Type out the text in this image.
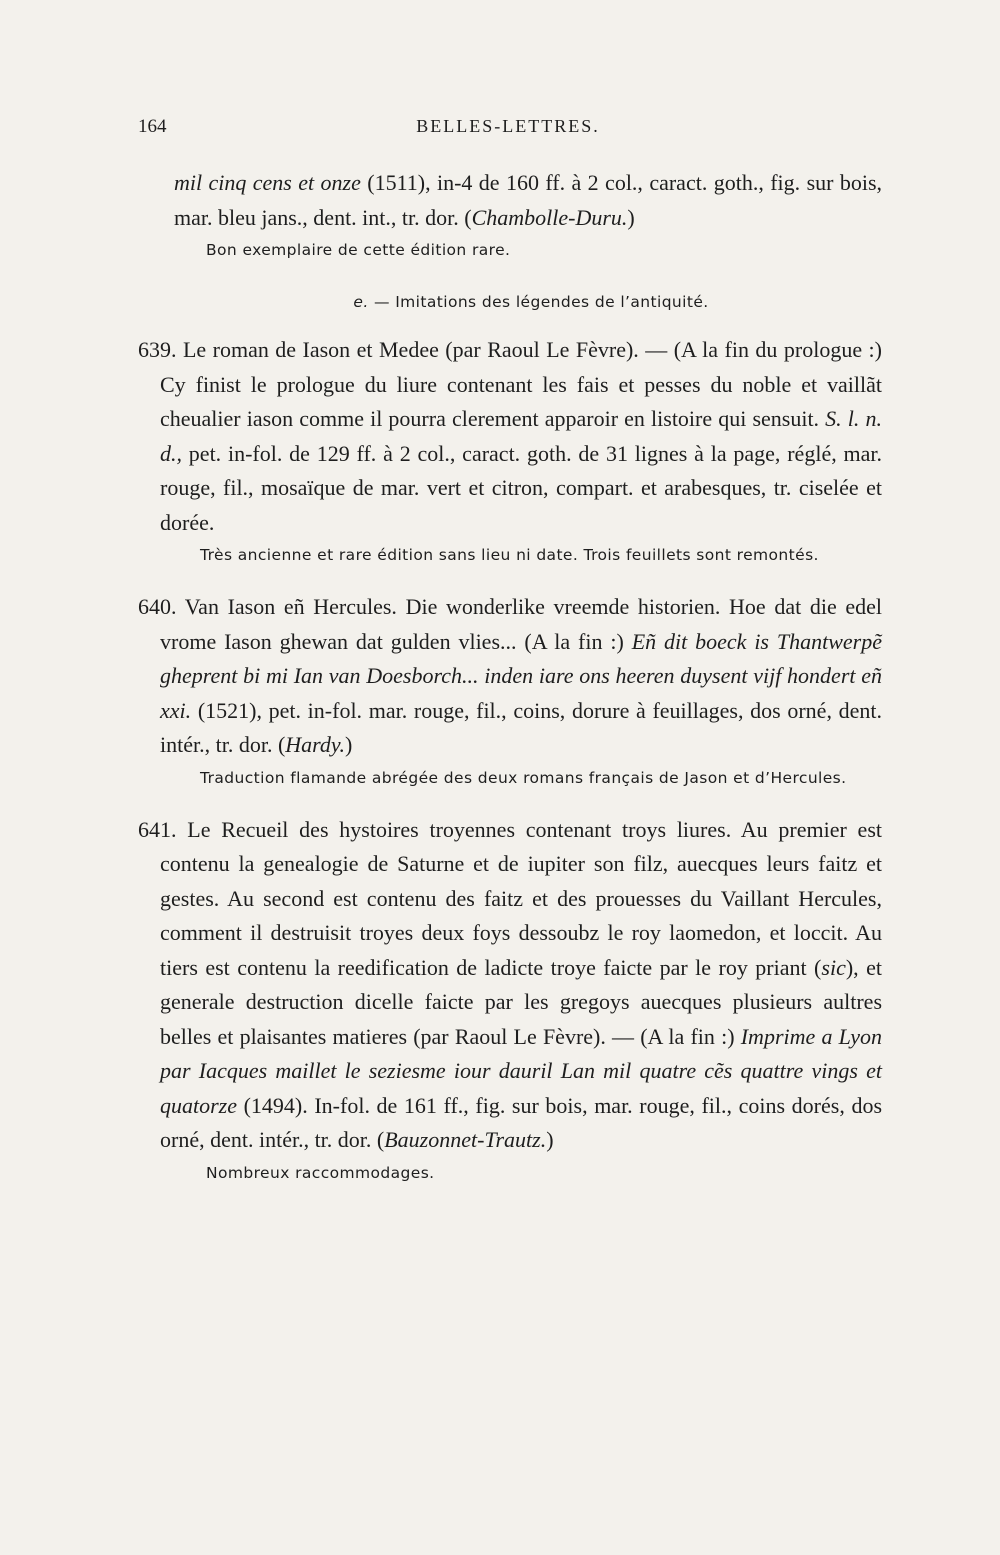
164	BELLES-LETTRES.

mil cinq cens et onze (1511), in-4 de 160 ff. à 2 col., caract. goth., fig. sur bois, mar. bleu jans., dent. int., tr. dor. (Chambolle-Duru.)

Bon exemplaire de cette édition rare.

e. — Imitations des légendes de l’antiquité.

639. Le roman de Iason et Medee (par Raoul Le Fèvre). — (A la fin du prologue :) Cy finist le prologue du liure contenant les fais et pesses du noble et vaillãt cheualier iason comme il pourra clerement apparoir en listoire qui sensuit. S. l. n. d., pet. in-fol. de 129 ff. à 2 col., caract. goth. de 31 lignes à la page, réglé, mar. rouge, fil., mosaïque de mar. vert et citron, compart. et arabesques, tr. ciselée et dorée.

Très ancienne et rare édition sans lieu ni date. Trois feuillets sont remontés.

640. Van Iason eñ Hercules. Die wonderlike vreemde historien. Hoe dat die edel vrome Iason ghewan dat gulden vlies... (A la fin :) Eñ dit boeck is Thantwerpẽ gheprent bi mi Ian van Doesborch... inden iare ons heeren duysent vijf hondert eñ xxi. (1521), pet. in-fol. mar. rouge, fil., coins, dorure à feuillages, dos orné, dent. intér., tr. dor. (Hardy.)

Traduction flamande abrégée des deux romans français de Jason et d’Hercules.

641. Le Recueil des hystoires troyennes contenant troys liures. Au premier est contenu la genealogie de Saturne et de iupiter son filz, auecques leurs faitz et gestes. Au second est contenu des faitz et des prouesses du Vaillant Hercules, comment il destruisit troyes deux foys dessoubz le roy laomedon, et loccit. Au tiers est contenu la reedification de ladicte troye faicte par le roy priant (sic), et generale destruction dicelle faicte par les gregoys auecques plusieurs aultres belles et plaisantes matieres (par Raoul Le Fèvre). — (A la fin :) Imprime a Lyon par Iacques maillet le seziesme iour dauril Lan mil quatre cẽs quattre vings et quatorze (1494). In-fol. de 161 ff., fig. sur bois, mar. rouge, fil., coins dorés, dos orné, dent. intér., tr. dor. (Bauzonnet-Trautz.)

Nombreux raccommodages.
